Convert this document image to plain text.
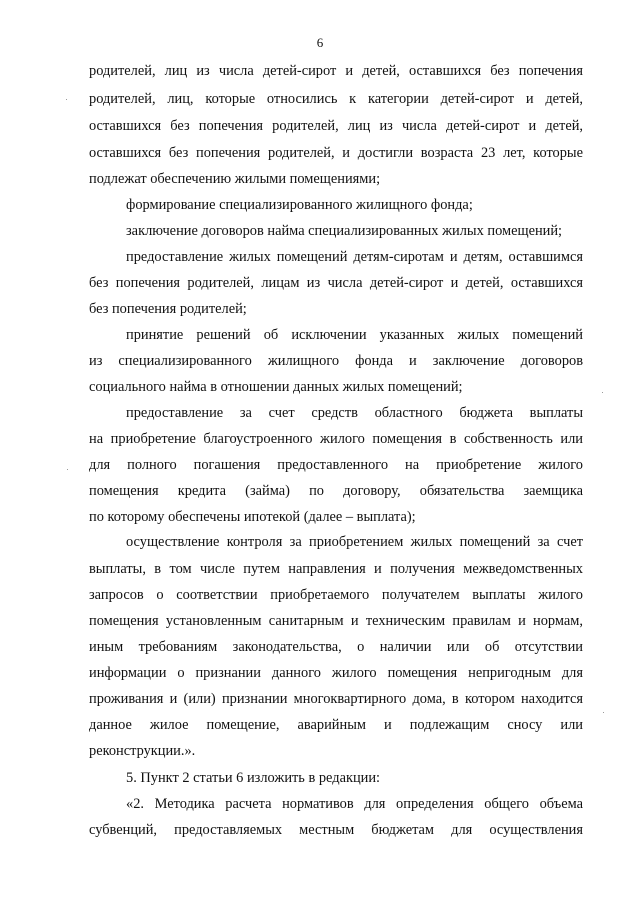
6
родителей, лиц из числа детей-сирот и детей, оставшихся без попечения
родителей, лиц, которые относились к категории детей-сирот и детей,
оставшихся без попечения родителей, лиц из числа детей-сирот и детей,
оставшихся без попечения родителей, и достигли возраста 23 лет, которые
подлежат обеспечению жилыми помещениями;
формирование специализированного жилищного фонда;
заключение договоров найма специализированных жилых помещений;
предоставление жилых помещений детям-сиротам и детям, оставшимся
без попечения родителей, лицам из числа детей-сирот и детей, оставшихся
без попечения родителей;
принятие решений об исключении указанных жилых помещений
из специализированного жилищного фонда и заключение договоров
социального найма в отношении данных жилых помещений;
предоставление за счет средств областного бюджета выплаты
на приобретение благоустроенного жилого помещения в собственность или
для полного погашения предоставленного на приобретение жилого
помещения кредита (займа) по договору, обязательства заемщика
по которому обеспечены ипотекой (далее – выплата);
осуществление контроля за приобретением жилых помещений за счет
выплаты, в том числе путем направления и получения межведомственных
запросов о соответствии приобретаемого получателем выплаты жилого
помещения установленным санитарным и техническим правилам и нормам,
иным требованиям законодательства, о наличии или об отсутствии
информации о признании данного жилого помещения непригодным для
проживания и (или) признании многоквартирного дома, в котором находится
данное жилое помещение, аварийным и подлежащим сносу или
реконструкции.».
5. Пункт 2 статьи 6 изложить в редакции:
«2. Методика расчета нормативов для определения общего объема
субвенций, предоставляемых местным бюджетам для осуществления
